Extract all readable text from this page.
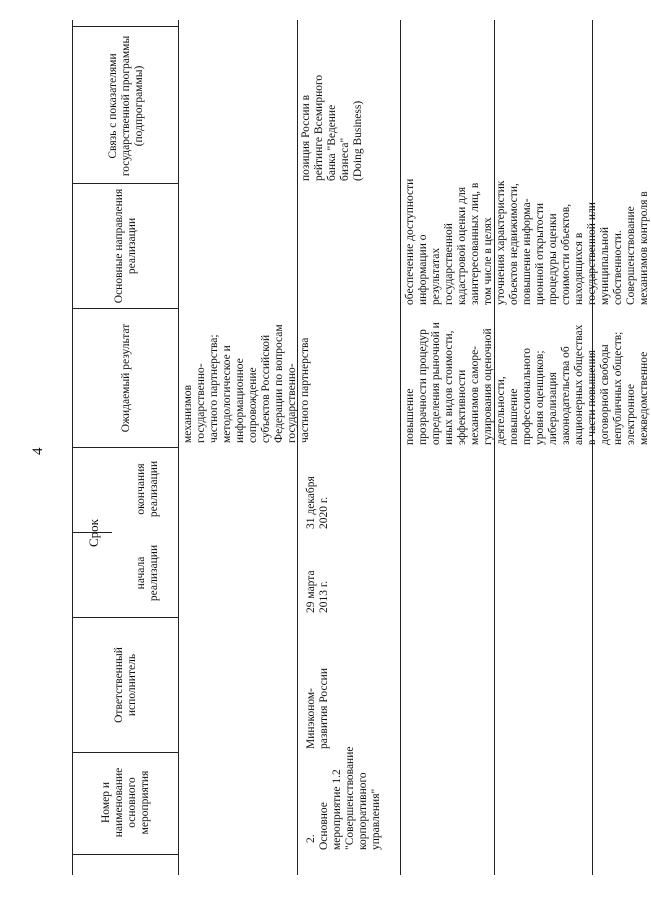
4
Номер и наименование основного мероприятия
Ответственный исполнитель
Срок
начала реализации
окончания реализации
Ожидаемый результат
Основные направления реализации
Связь с показателями государственной программы (подпрограммы)
механизмов
государственно-
частного партнерства;
методологическое и
информационное
сопровождение
субъектов Российской
Федерации по вопросам
государственно-
частного партнерства
2. Основное
мероприятие 1.2
"Совершенствование
корпоративного
управления"
Минэконом-
развития России
29 марта
2013 г.
31 декабря
2020 г.
повышение
прозрачности процедур
определения рыночной и
иных видов стоимости,
эффективности
механизмов саморе-
гулирования оценочной
деятельности,
повышение
профессионального
уровня оценщиков;
либерализация
законодательства об
акционерных обществах
в части повышения
договорной свободы
непубличных обществ;
электронное
межведомственное
обеспечение доступности
информации о
результатах
государственной
кадастровой оценки для
заинтересованных лиц, в
том числе в целях
уточнения характеристик
объектов недвижимости,
повышение информа-
ционной открытости
процедуры оценки
стоимости объектов,
находящихся в
государственной или
муниципальной
собственности.
Совершенствование
механизмов контроля в
позиция России в
рейтинге Всемирного
банка "Ведение
бизнеса"
(Doing Business)
